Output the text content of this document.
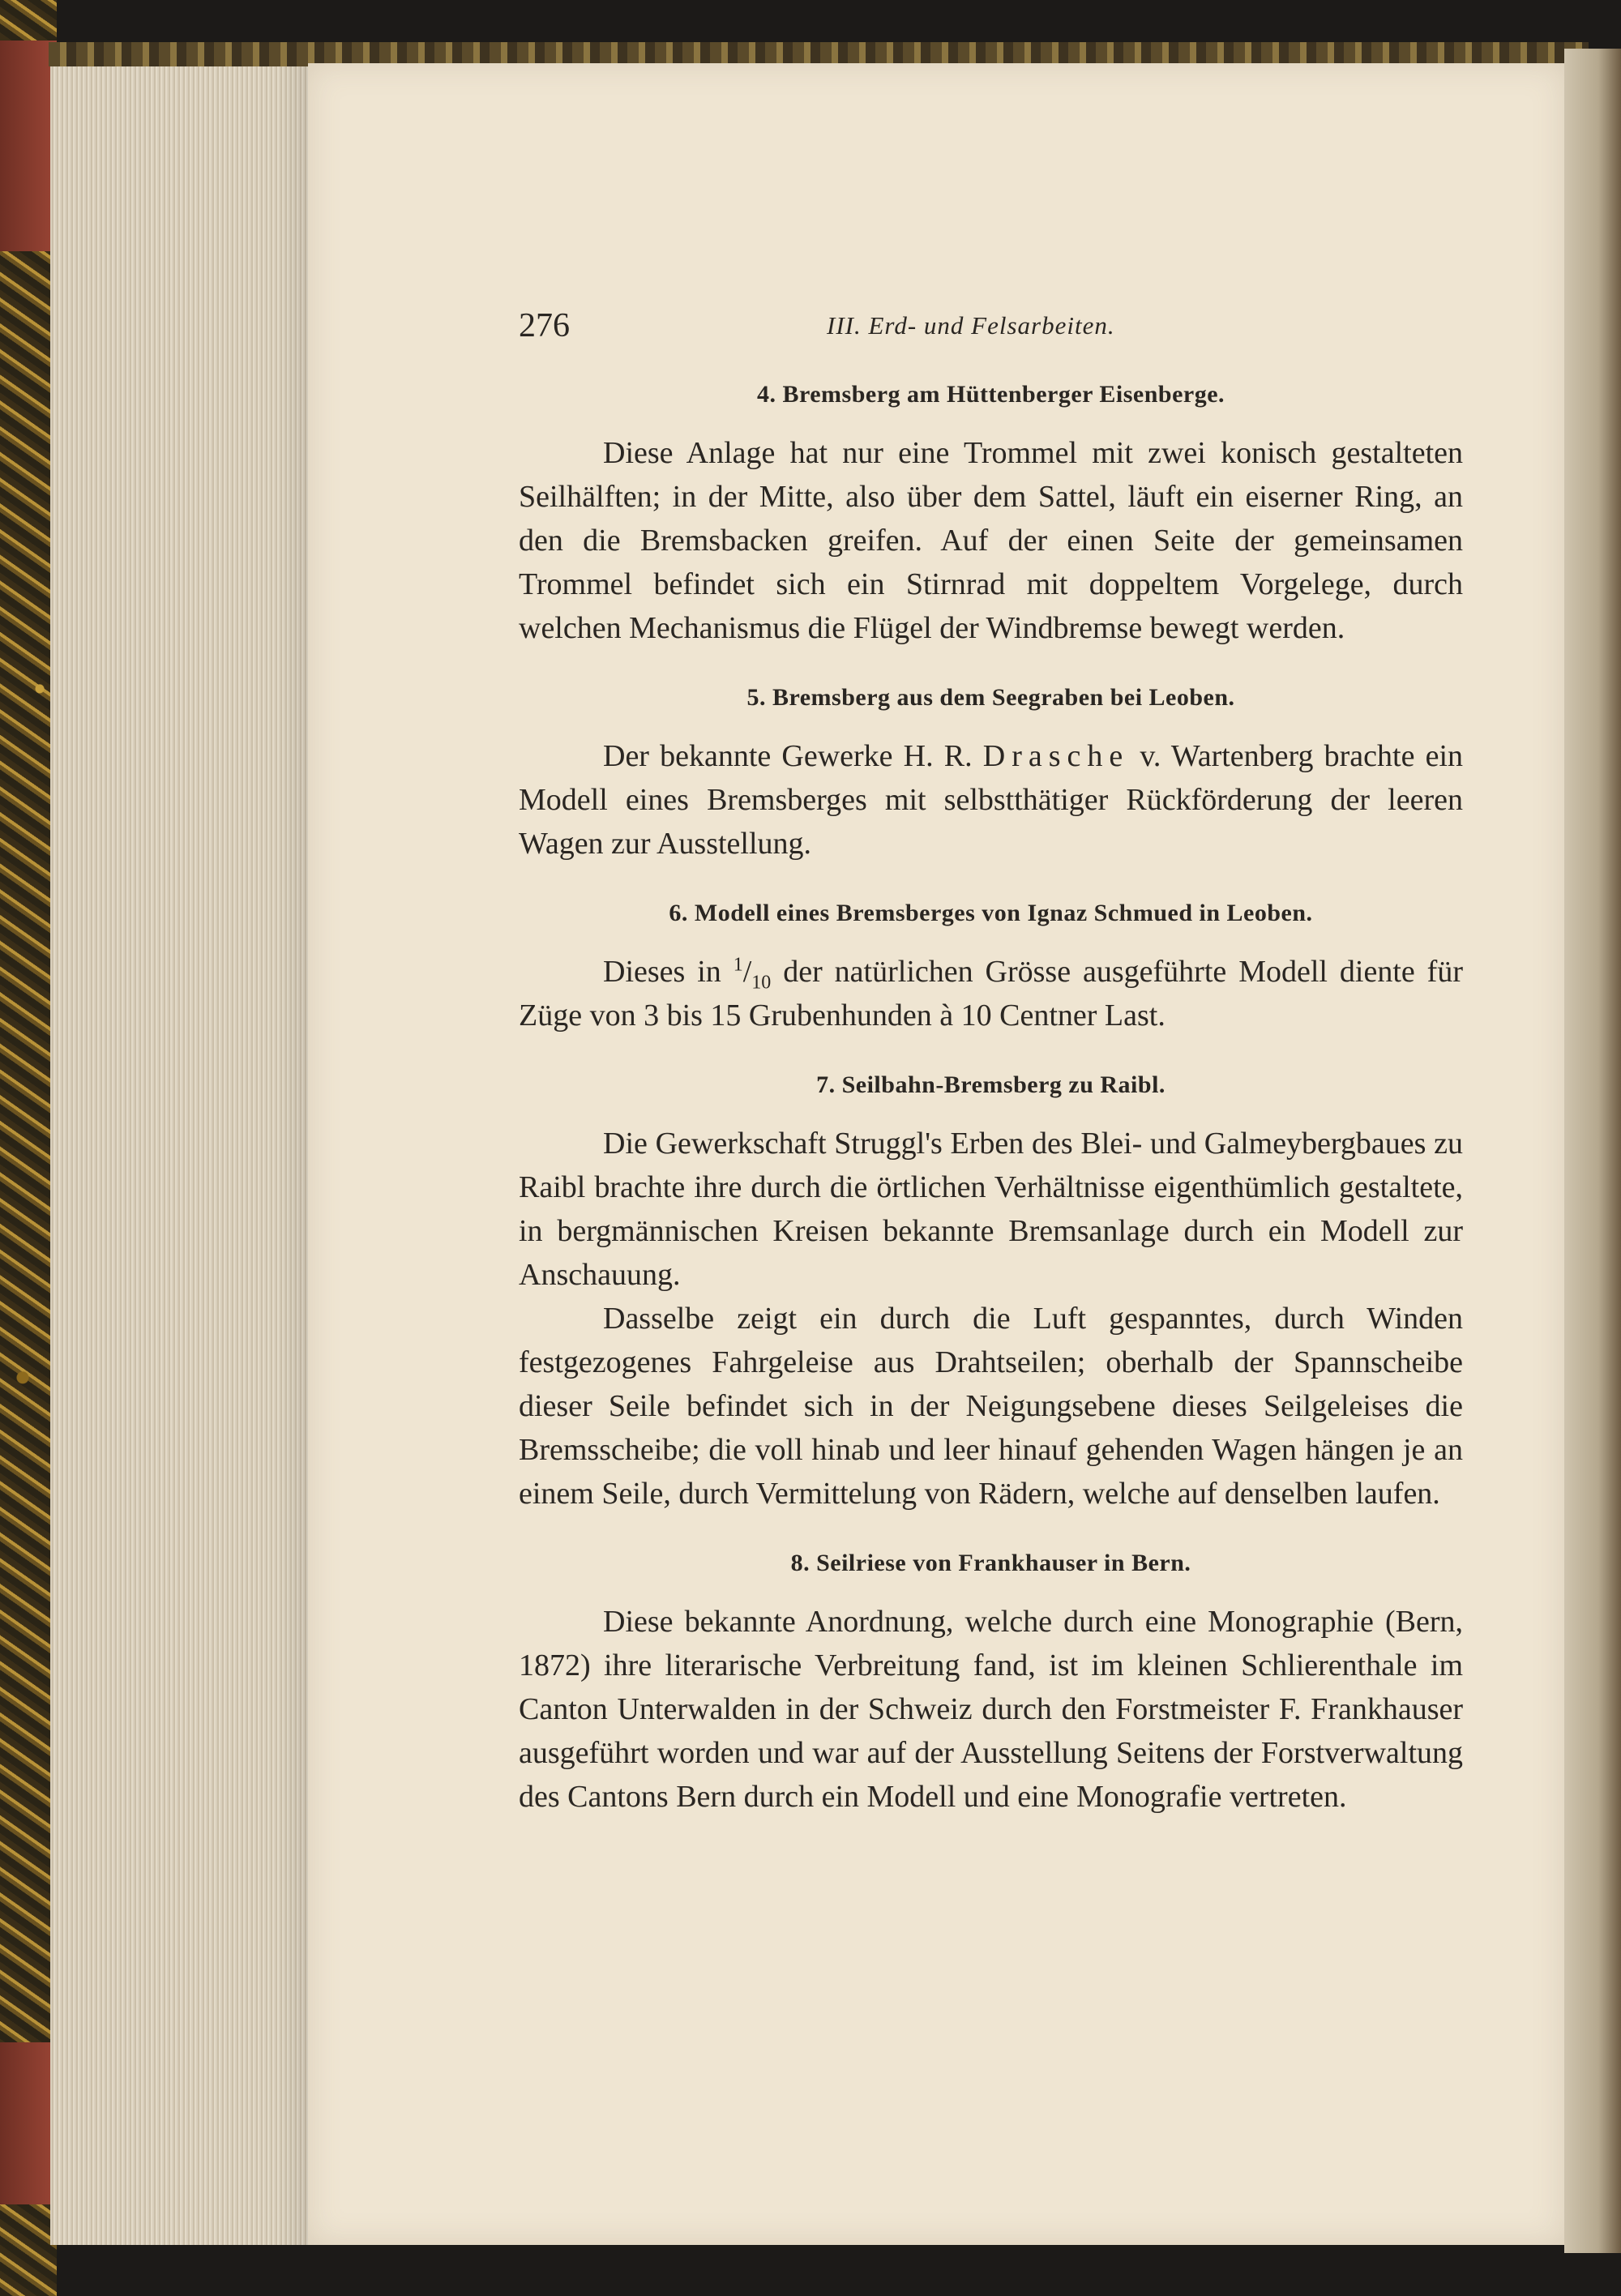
276	III. Erd- und Felsarbeiten.
4. Bremsberg am Hüttenberger Eisenberge.

Diese Anlage hat nur eine Trommel mit zwei konisch gestalteten Seilhälften; in der Mitte, also über dem Sattel, läuft ein eiserner Ring, an den die Bremsbacken greifen. Auf der einen Seite der gemeinsamen Trommel befindet sich ein Stirnrad mit doppeltem Vorgelege, durch welchen Mechanismus die Flügel der Windbremse bewegt werden.

5. Bremsberg aus dem Seegraben bei Leoben.

Der bekannte Gewerke H. R. Drasche v. Wartenberg brachte ein Modell eines Bremsberges mit selbstthätiger Rückförderung der leeren Wagen zur Ausstellung.

6. Modell eines Bremsberges von Ignaz Schmued in Leoben.

Dieses in $^1/_{10}$ der natürlichen Grösse ausgeführte Modell diente für Züge von 3 bis 15 Grubenhunden à 10 Centner Last.

7. Seilbahn-Bremsberg zu Raibl.

Die Gewerkschaft Struggl's Erben des Blei- und Galmeybergbaues zu Raibl brachte ihre durch die örtlichen Verhältnisse eigenthümlich gestaltete, in bergmännischen Kreisen bekannte Bremsanlage durch ein Modell zur Anschauung.

Dasselbe zeigt ein durch die Luft gespanntes, durch Winden festgezogenes Fahrgeleise aus Drahtseilen; oberhalb der Spannscheibe dieser Seile befindet sich in der Neigungsebene dieses Seilgeleises die Bremsscheibe; die voll hinab und leer hinauf gehenden Wagen hängen je an einem Seile, durch Vermittelung von Rädern, welche auf denselben laufen.

8. Seilriese von Frankhauser in Bern.

Diese bekannte Anordnung, welche durch eine Monographie (Bern, 1872) ihre literarische Verbreitung fand, ist im kleinen Schlierenthale im Canton Unterwalden in der Schweiz durch den Forstmeister F. Frankhauser ausgeführt worden und war auf der Ausstellung Seitens der Forstverwaltung des Cantons Bern durch ein Modell und eine Monografie vertreten.
